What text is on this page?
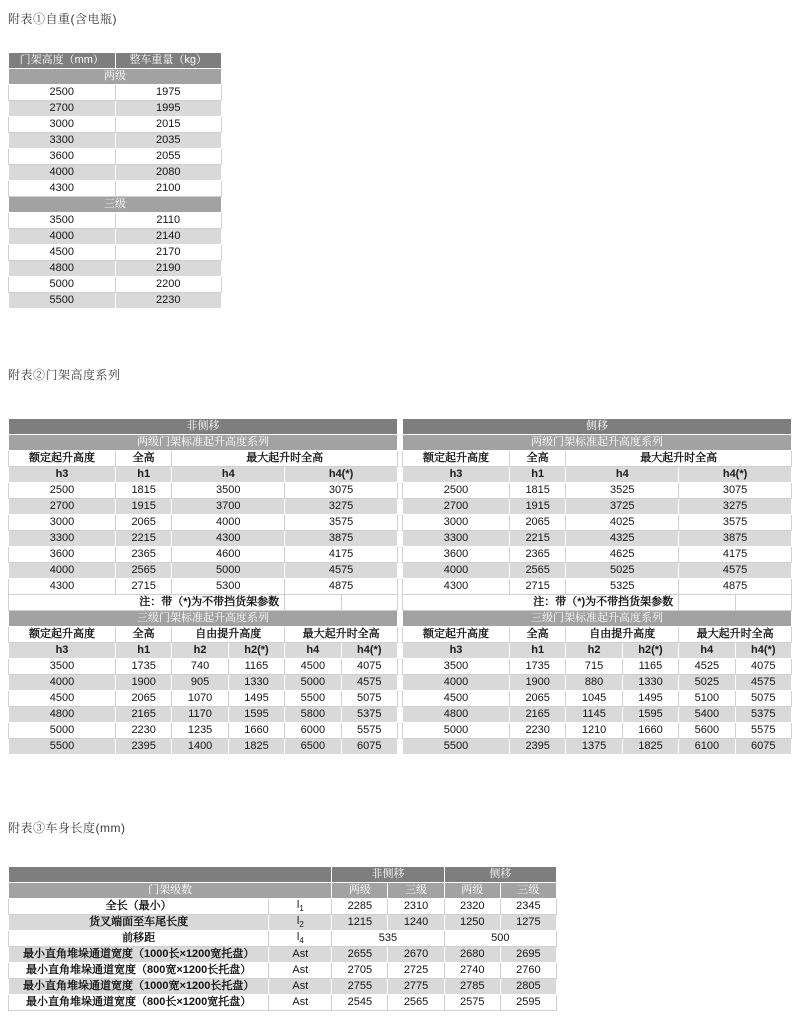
附表①自重(含电瓶)
门架高度（mm）	整车重量（kg）
两级	
2500	1975
2700	1995
3000	2015
3300	2035
3600	2055
4000	2080
4300	2100
三级	
3500	2110
4000	2140
4500	2170
4800	2190
5000	2200
5500	2230
附表②门架高度系列
非侧移					
两级门架标准起升高度系列					
额定起升高度	全高	最大起升时全高			
h3	h1	h4		h4(*)	
2500	1815	3500		3075	
2700	1915	3700		3275	
3000	2065	4000		3575	
3300	2215	4300		3875	
3600	2365	4600		4175	
4000	2565	5000		4575	
4300	2715	5300		4875	
注：带（*)为不带挡货架参数					
三级门架标准起升高度系列					
额定起升高度	全高	自由提升高度		最大起升时全高	
h3	h1	h2	h2(*)	h4	h4(*)
3500	1735	740	1165	4500	4075
4000	1900	905	1330	5000	4575
4500	2065	1070	1495	5500	5075
4800	2165	1170	1595	5800	5375
5000	2230	1235	1660	6000	5575
5500	2395	1400	1825	6500	6075
侧移					
两级门架标准起升高度系列					
额定起升高度	全高	最大起升时全高			
h3	h1	h4		h4(*)	
2500	1815	3525		3075	
2700	1915	3725		3275	
3000	2065	4025		3575	
3300	2215	4325		3875	
3600	2365	4625		4175	
4000	2565	5025		4575	
4300	2715	5325		4875	
注：带（*)为不带挡货架参数					
三级门架标准起升高度系列					
额定起升高度	全高	自由提升高度		最大起升时全高	
h3	h1	h2	h2(*)	h4	h4(*)
3500	1735	715	1165	4525	4075
4000	1900	880	1330	5025	4575
4500	2065	1045	1495	5100	5075
4800	2165	1145	1595	5400	5375
5000	2230	1210	1660	5600	5575
5500	2395	1375	1825	6100	6075
附表③车身长度(mm)
		非侧移		侧移	
门架级数		两级	三级	两级	三级
全长（最小）	$l_1$	2285	2310	2320	2345
货叉端面至车尾长度	$l_2$	1215	1240	1250	1275
前移距	$l_4$	535		500	
最小直角堆垛通道宽度（1000长×1200宽托盘）	Ast	2655	2670	2680	2695
最小直角堆垛通道宽度（800宽×1200长托盘）	Ast	2705	2725	2740	2760
最小直角堆垛通道宽度（1000宽×1200长托盘）	Ast	2755	2775	2785	2805
最小直角堆垛通道宽度（800长×1200宽托盘）	Ast	2545	2565	2575	2595
